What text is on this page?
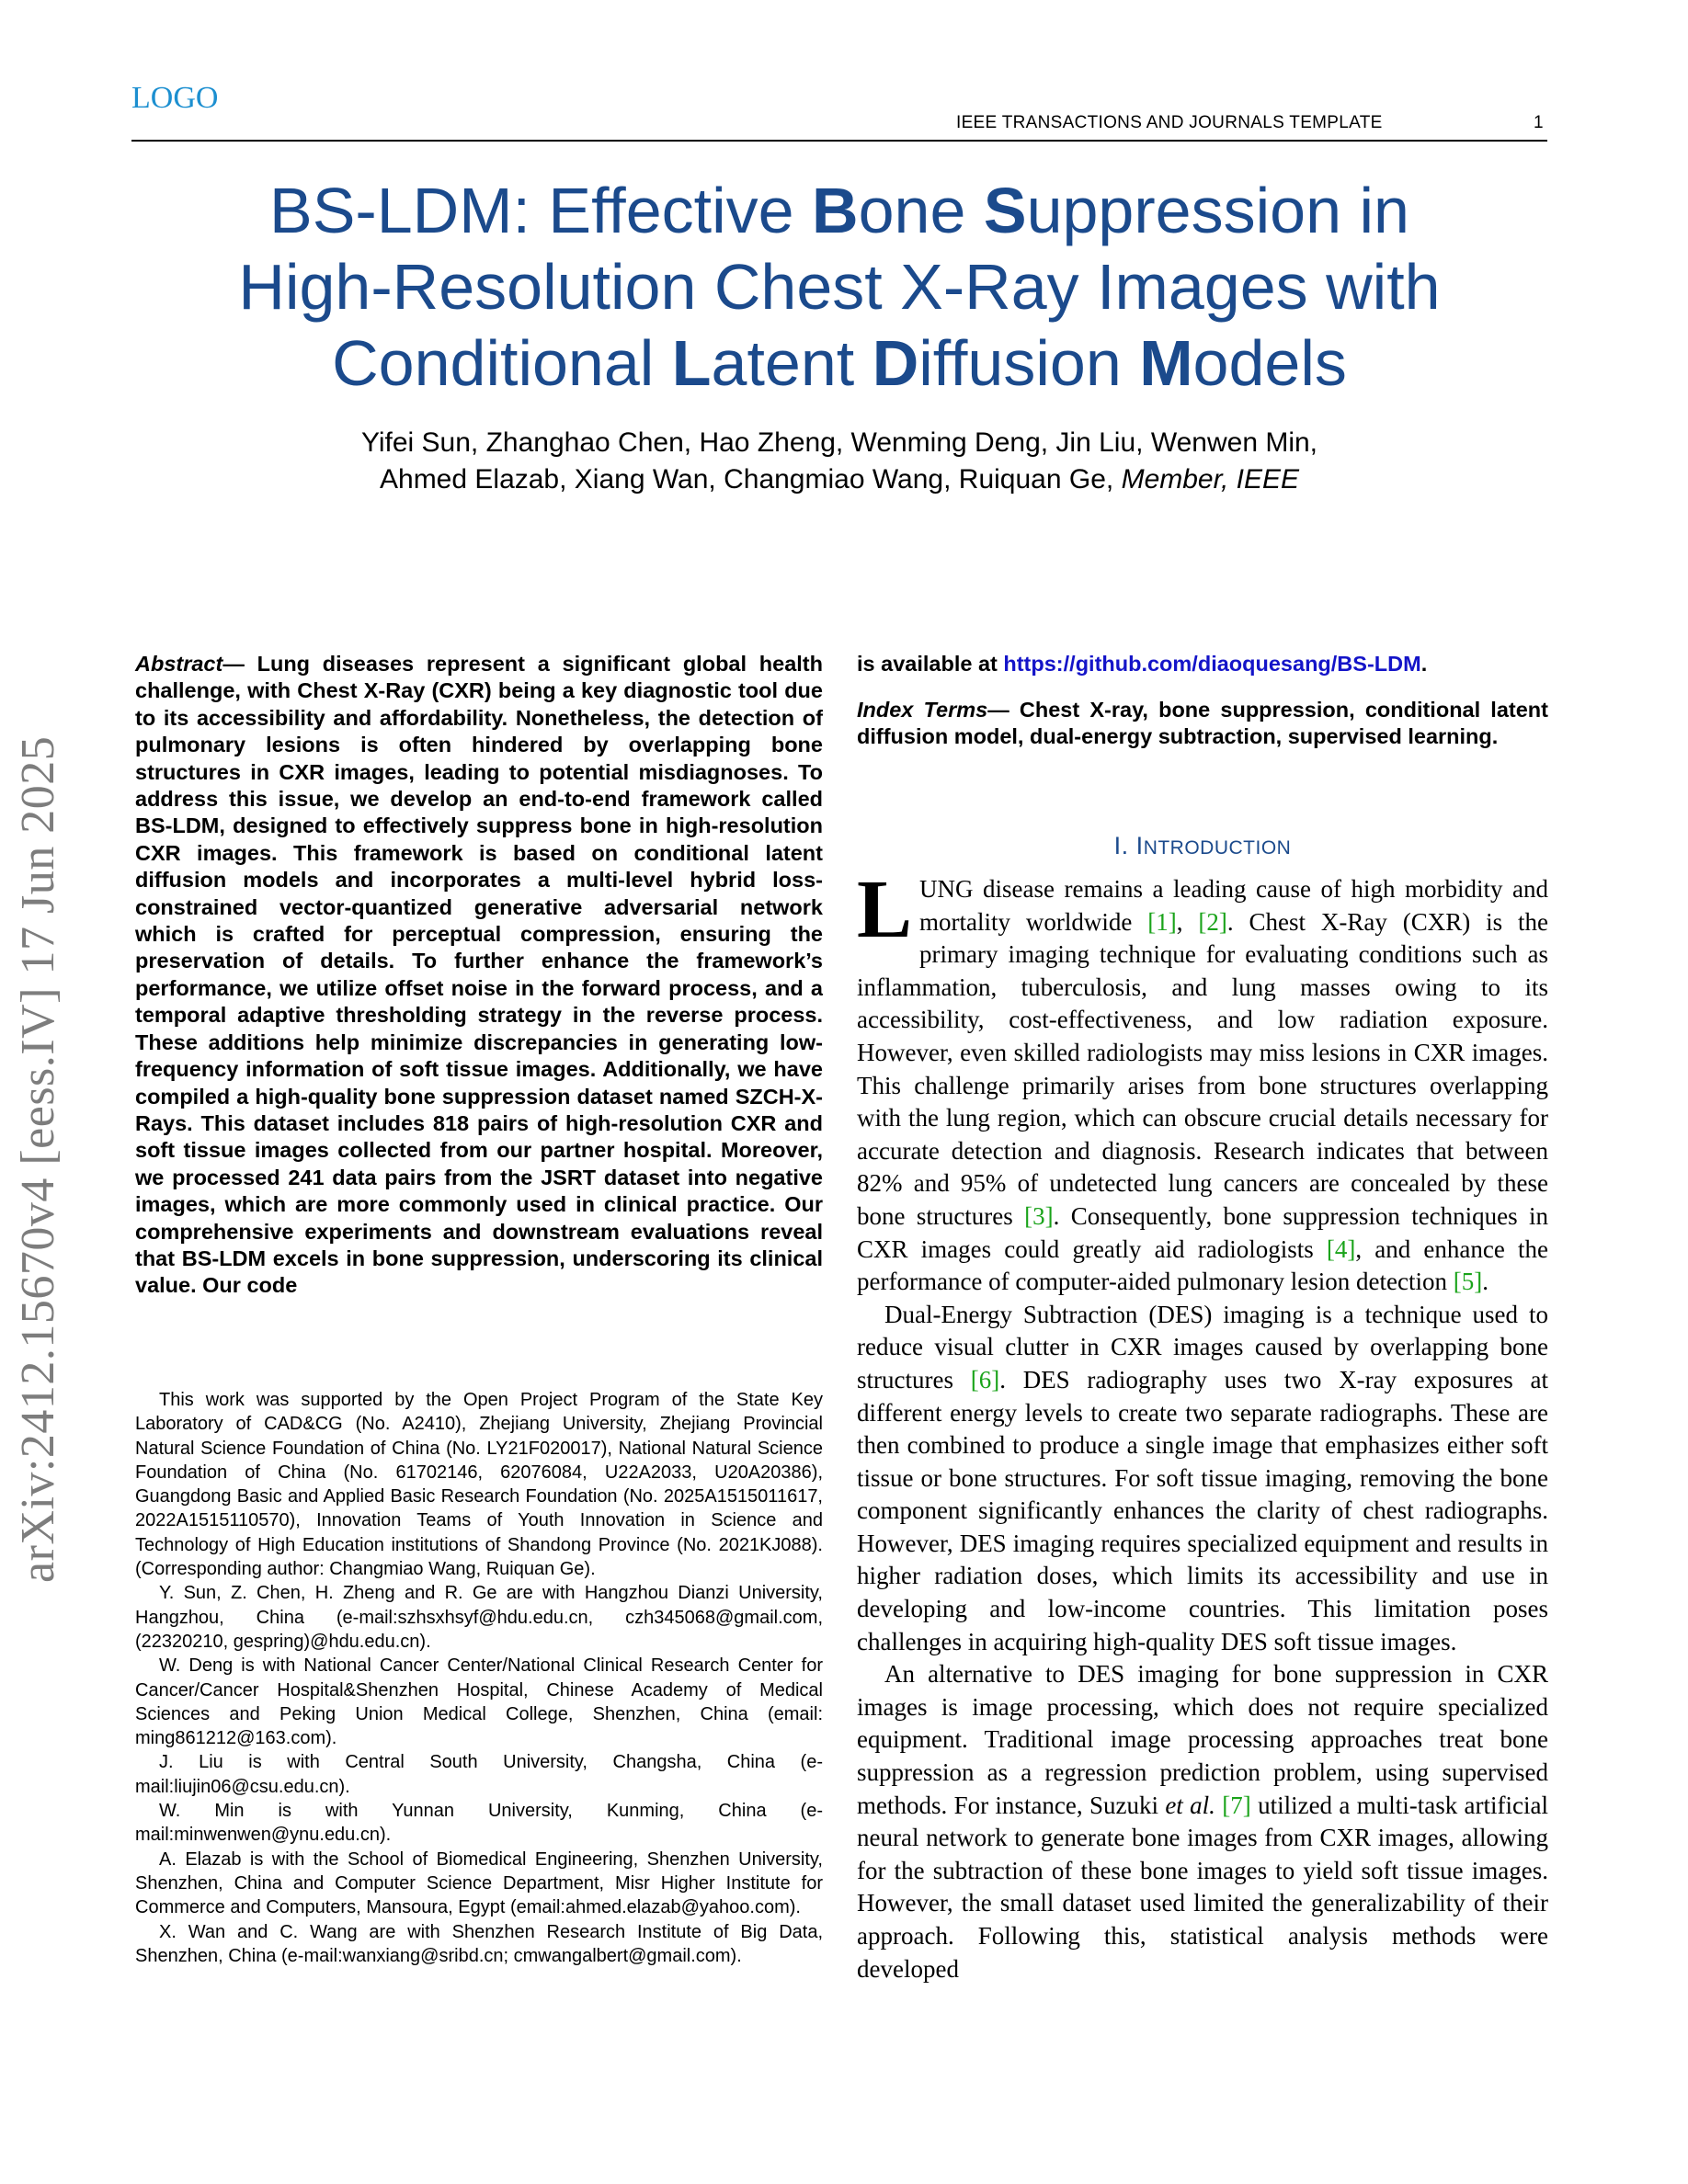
LOGO
IEEE TRANSACTIONS AND JOURNALS TEMPLATE	1
arXiv:2412.15670v4 [eess.IV] 17 Jun 2025
BS-LDM: Effective Bone Suppression in
High-Resolution Chest X-Ray Images with
Conditional Latent Diffusion Models
Yifei Sun, Zhanghao Chen, Hao Zheng, Wenming Deng, Jin Liu, Wenwen Min,
Ahmed Elazab, Xiang Wan, Changmiao Wang, Ruiquan Ge, Member, IEEE
Abstract— Lung diseases represent a significant global health challenge, with Chest X-Ray (CXR) being a key diagnostic tool due to its accessibility and affordability. Nonetheless, the detection of pulmonary lesions is often hindered by overlapping bone structures in CXR images, leading to potential misdiagnoses. To address this issue, we develop an end-to-end framework called BS-LDM, designed to effectively suppress bone in high-resolution CXR images. This framework is based on conditional latent diffusion models and incorporates a multi-level hybrid loss-constrained vector-quantized generative adversarial network which is crafted for perceptual compression, ensuring the preservation of details. To further enhance the framework’s performance, we utilize offset noise in the forward process, and a temporal adaptive thresholding strategy in the reverse process. These additions help minimize discrepancies in generating low-frequency information of soft tissue images. Additionally, we have compiled a high-quality bone suppression dataset named SZCH-X-Rays. This dataset includes 818 pairs of high-resolution CXR and soft tissue images collected from our partner hospital. Moreover, we processed 241 data pairs from the JSRT dataset into negative images, which are more commonly used in clinical practice. Our comprehensive experiments and downstream evaluations reveal that BS-LDM excels in bone suppression, underscoring its clinical value. Our code
is available at https://github.com/diaoquesang/BS-LDM.
Index Terms— Chest X-ray, bone suppression, conditional latent diffusion model, dual-energy subtraction, supervised learning.
I. INTRODUCTION

LUNG disease remains a leading cause of high morbidity and mortality worldwide [1], [2]. Chest X-Ray (CXR) is the primary imaging technique for evaluating conditions such as inflammation, tuberculosis, and lung masses owing to its accessibility, cost-effectiveness, and low radiation exposure. However, even skilled radiologists may miss lesions in CXR images. This challenge primarily arises from bone structures overlapping with the lung region, which can obscure crucial details necessary for accurate detection and diagnosis. Research indicates that between 82% and 95% of undetected lung cancers are concealed by these bone structures [3]. Consequently, bone suppression techniques in CXR images could greatly aid radiologists [4], and enhance the performance of computer-aided pulmonary lesion detection [5].

Dual-Energy Subtraction (DES) imaging is a technique used to reduce visual clutter in CXR images caused by overlapping bone structures [6]. DES radiography uses two X-ray exposures at different energy levels to create two separate radiographs. These are then combined to produce a single image that emphasizes either soft tissue or bone structures. For soft tissue imaging, removing the bone component significantly enhances the clarity of chest radiographs. However, DES imaging requires specialized equipment and results in higher radiation doses, which limits its accessibility and use in developing and low-income countries. This limitation poses challenges in acquiring high-quality DES soft tissue images.

An alternative to DES imaging for bone suppression in CXR images is image processing, which does not require specialized equipment. Traditional image processing approaches treat bone suppression as a regression prediction problem, using supervised methods. For instance, Suzuki et al. [7] utilized a multi-task artificial neural network to generate bone images from CXR images, allowing for the subtraction of these bone images to yield soft tissue images. However, the small dataset used limited the generalizability of their approach. Following this, statistical analysis methods were developed

This work was supported by the Open Project Program of the State Key Laboratory of CAD&CG (No. A2410), Zhejiang University, Zhejiang Provincial Natural Science Foundation of China (No. LY21F020017), National Natural Science Foundation of China (No. 61702146, 62076084, U22A2033, U20A20386), Guangdong Basic and Applied Basic Research Foundation (No. 2025A1515011617, 2022A1515110570), Innovation Teams of Youth Innovation in Science and Technology of High Education institutions of Shandong Province (No. 2021KJ088). (Corresponding author: Changmiao Wang, Ruiquan Ge).

Y. Sun, Z. Chen, H. Zheng and R. Ge are with Hangzhou Dianzi University, Hangzhou, China (e-mail:szhsxhsyf@hdu.edu.cn, czh345068@gmail.com, (22320210, gespring)@hdu.edu.cn).

W. Deng is with National Cancer Center/National Clinical Research Center for Cancer/Cancer Hospital&Shenzhen Hospital, Chinese Academy of Medical Sciences and Peking Union Medical College, Shenzhen, China (email: ming861212@163.com).

J. Liu is with Central South University, Changsha, China (e-mail:liujin06@csu.edu.cn).

W. Min is with Yunnan University, Kunming, China (e-mail:minwenwen@ynu.edu.cn).

A. Elazab is with the School of Biomedical Engineering, Shenzhen University, Shenzhen, China and Computer Science Department, Misr Higher Institute for Commerce and Computers, Mansoura, Egypt (email:ahmed.elazab@yahoo.com).

X. Wan and C. Wang are with Shenzhen Research Institute of Big Data, Shenzhen, China (e-mail:wanxiang@sribd.cn; cmwangalbert@gmail.com).
